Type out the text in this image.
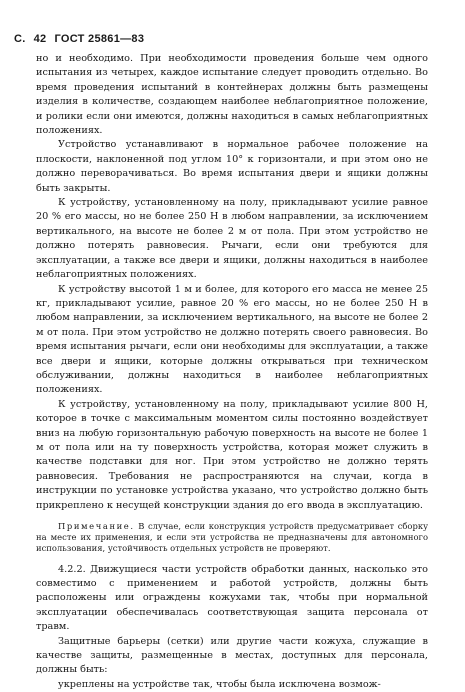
С. 42 ГОСТ 25861—83

но и необходимо. При необходимости проведения больше чем одного испытания из четырех, каждое испытание следует проводить отдельно. Во время проведения испытаний в контейнерах должны быть размещены изделия в количестве, создающем наиболее неблагоприятное положение, и ролики если они имеются, должны находиться в самых неблагоприятных положениях.

Устройство устанавливают в нормальное рабочее положение на плоскости, наклоненной под углом 10° к горизонтали, и при этом оно не должно переворачиваться. Во время испытания двери и ящики должны быть закрыты.

К устройству, установленному на полу, прикладывают усилие равное 20 % его массы, но не более 250 Н в любом направлении, за исключением вертикального, на высоте не более 2 м от пола. При этом устройство не должно потерять равновесия. Рычаги, если они требуются для эксплуатации, а также все двери и ящики, должны находиться в наиболее неблагоприятных положениях.

К устройству высотой 1 м и более, для которого его масса не менее 25 кг, прикладывают усилие, равное 20 % его массы, но не более 250 Н в любом направлении, за исключением вертикального, на высоте не более 2 м от пола. При этом устройство не должно потерять своего равновесия. Во время испытания рычаги, если они необходимы для эксплуатации, а также все двери и ящики, которые должны открываться при техническом обслуживании, должны находиться в наиболее неблагоприятных положениях.

К устройству, установленному на полу, прикладывают усилие 800 Н, которое в точке с максимальным моментом силы постоянно воздействует вниз на любую горизонтальную рабочую поверхность на высоте не более 1 м от пола или на ту поверхность устройства, которая может служить в качестве подставки для ног. При этом устройство не должно терять равновесия. Требования не распространяются на случаи, когда в инструкции по установке устройства указано, что устройство должно быть прикреплено к несущей конструкции здания до его ввода в эксплуатацию.

Примечание. В случае, если конструкция устройств предусматривает сборку на месте их применения, и если эти устройства не предназначены для автономного использования, устойчивость отдельных устройств не проверяют.

4.2.2. Движущиеся части устройств обработки данных, насколько это совместимо с применением и работой устройств, должны быть расположены или ограждены кожухами так, чтобы при нормальной эксплуатации обеспечивалась соответствующая защита персонала от травм.

Защитные барьеры (сетки) или другие части кожуха, служащие в качестве защиты, размещенные в местах, доступных для персонала, должны быть:

укреплены на устройстве так, чтобы была исключена возмож-
